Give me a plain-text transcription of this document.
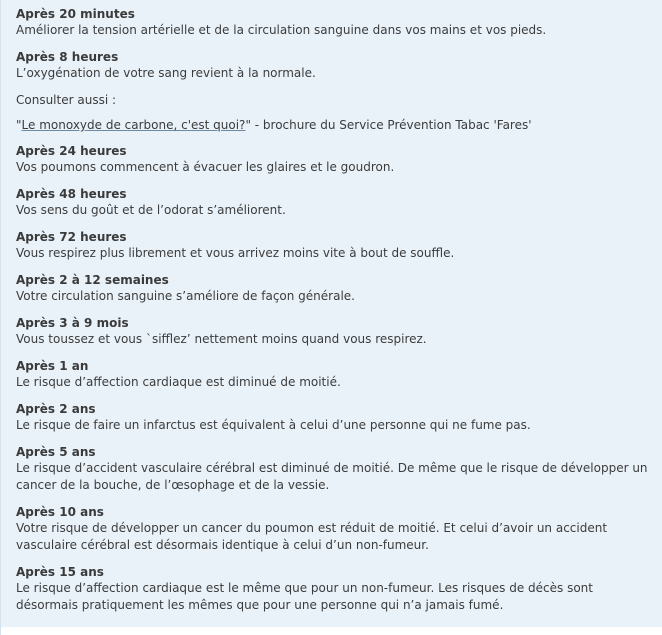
Après 20 minutes
Améliorer la tension artérielle et de la circulation sanguine dans vos mains et vos pieds.
Après 8 heures
L’oxygénation de votre sang revient à la normale.
Consulter aussi :
"Le monoxyde de carbone, c'est quoi?" - brochure du Service Prévention Tabac 'Fares'
Après 24 heures
Vos poumons commencent à évacuer les glaires et le goudron.
Après 48 heures
Vos sens du goût et de l’odorat s’améliorent.
Après 72 heures
Vous respirez plus librement et vous arrivez moins vite à bout de souffle.
Après 2 à 12 semaines
Votre circulation sanguine s’améliore de façon générale.
Après 3 à 9 mois
Vous toussez et vous `sifflez’ nettement moins quand vous respirez.
Après 1 an
Le risque d’affection cardiaque est diminué de moitié.
Après 2 ans
Le risque de faire un infarctus est équivalent à celui d’une personne qui ne fume pas.
Après 5 ans
Le risque d’accident vasculaire cérébral est diminué de moitié. De même que le risque de développer un cancer de la bouche, de l’œsophage et de la vessie.
Après 10 ans
Votre risque de développer un cancer du poumon est réduit de moitié. Et celui d’avoir un accident vasculaire cérébral est désormais identique à celui d’un non-fumeur.
Après 15 ans
Le risque d’affection cardiaque est le même que pour un non-fumeur. Les risques de décès sont désormais pratiquement les mêmes que pour une personne qui n’a jamais fumé.
